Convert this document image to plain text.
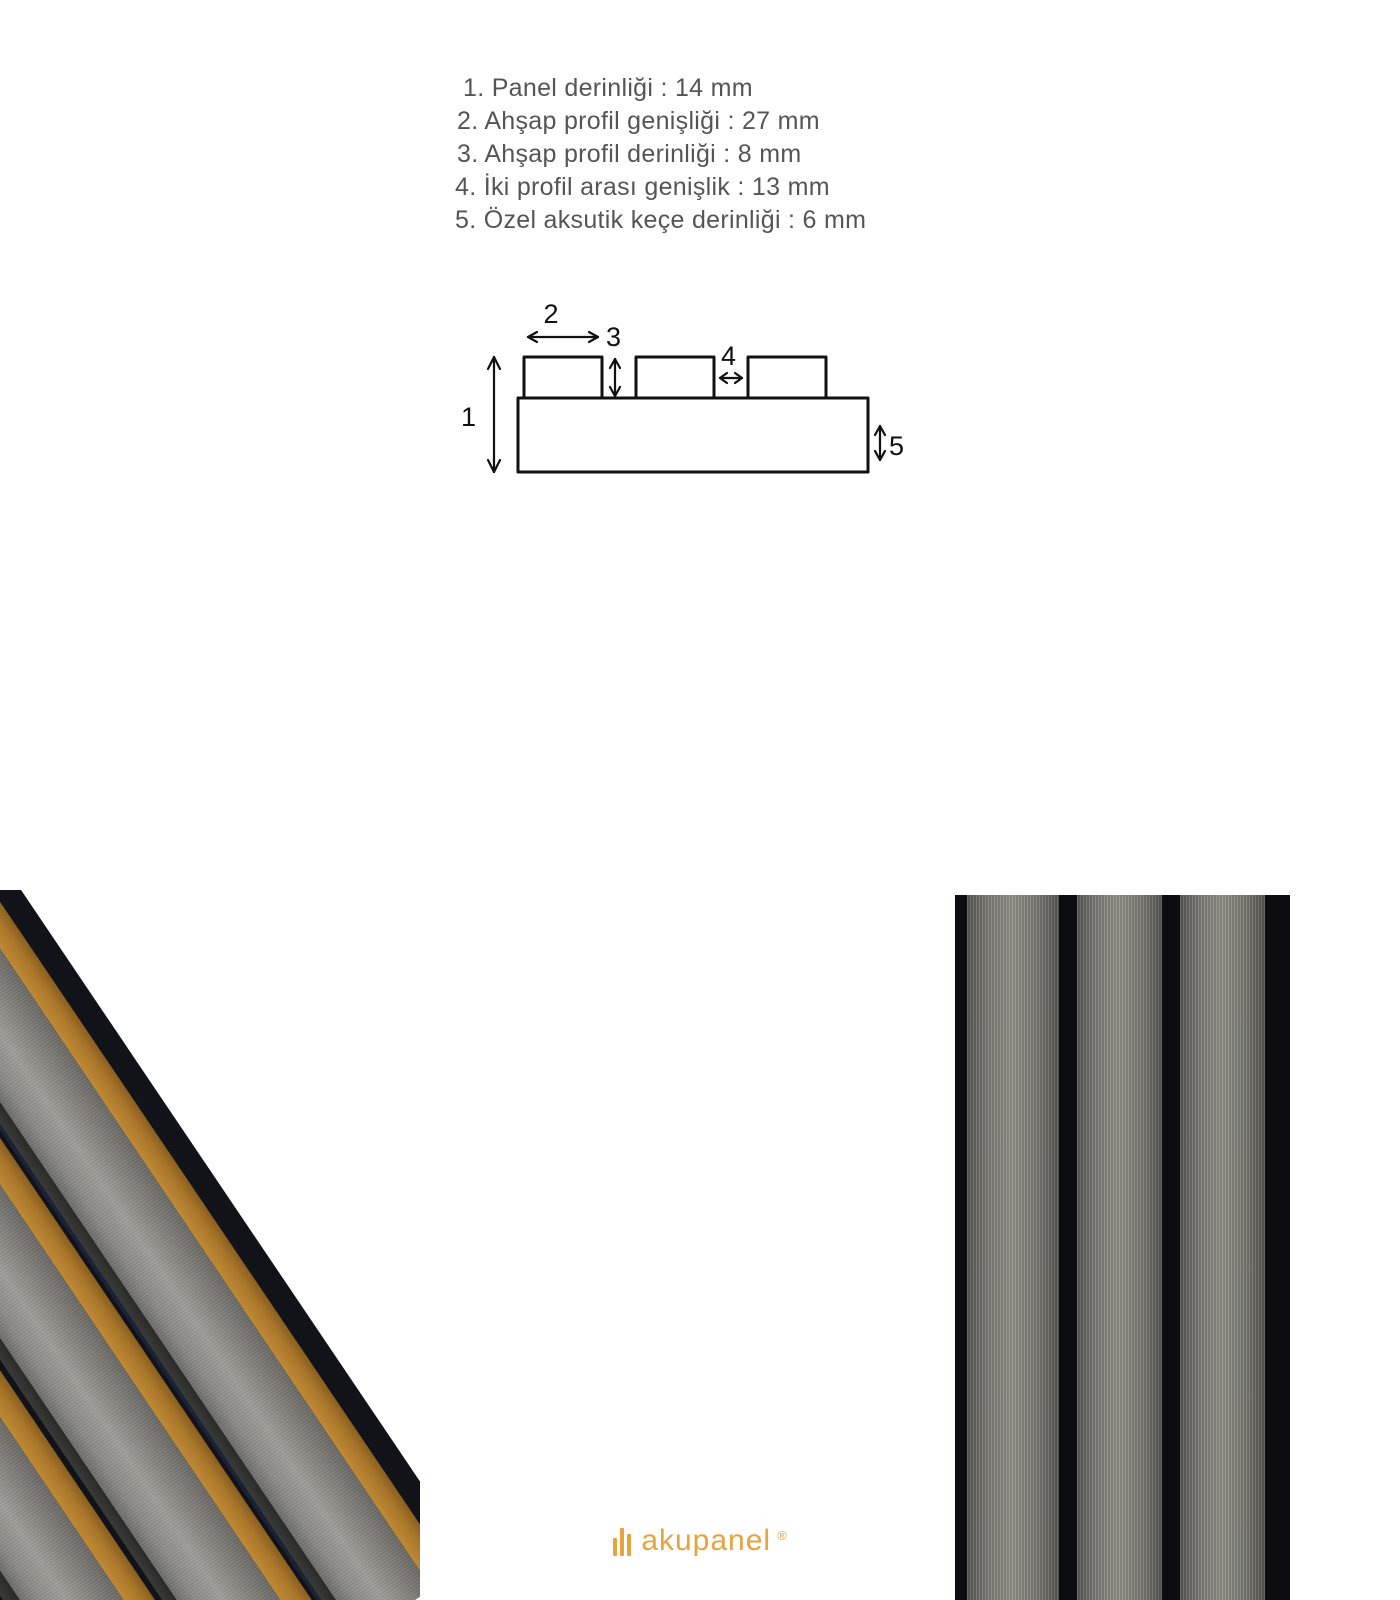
1. Panel derinliği : 14 mm
2. Ahşap profil genişliği : 27 mm
3. Ahşap profil derinliği : 8 mm
4. İki profil arası genişlik : 13 mm
5. Özel aksutik keçe derinliği : 6 mm
2
3
4
1
5
akupanel ®
